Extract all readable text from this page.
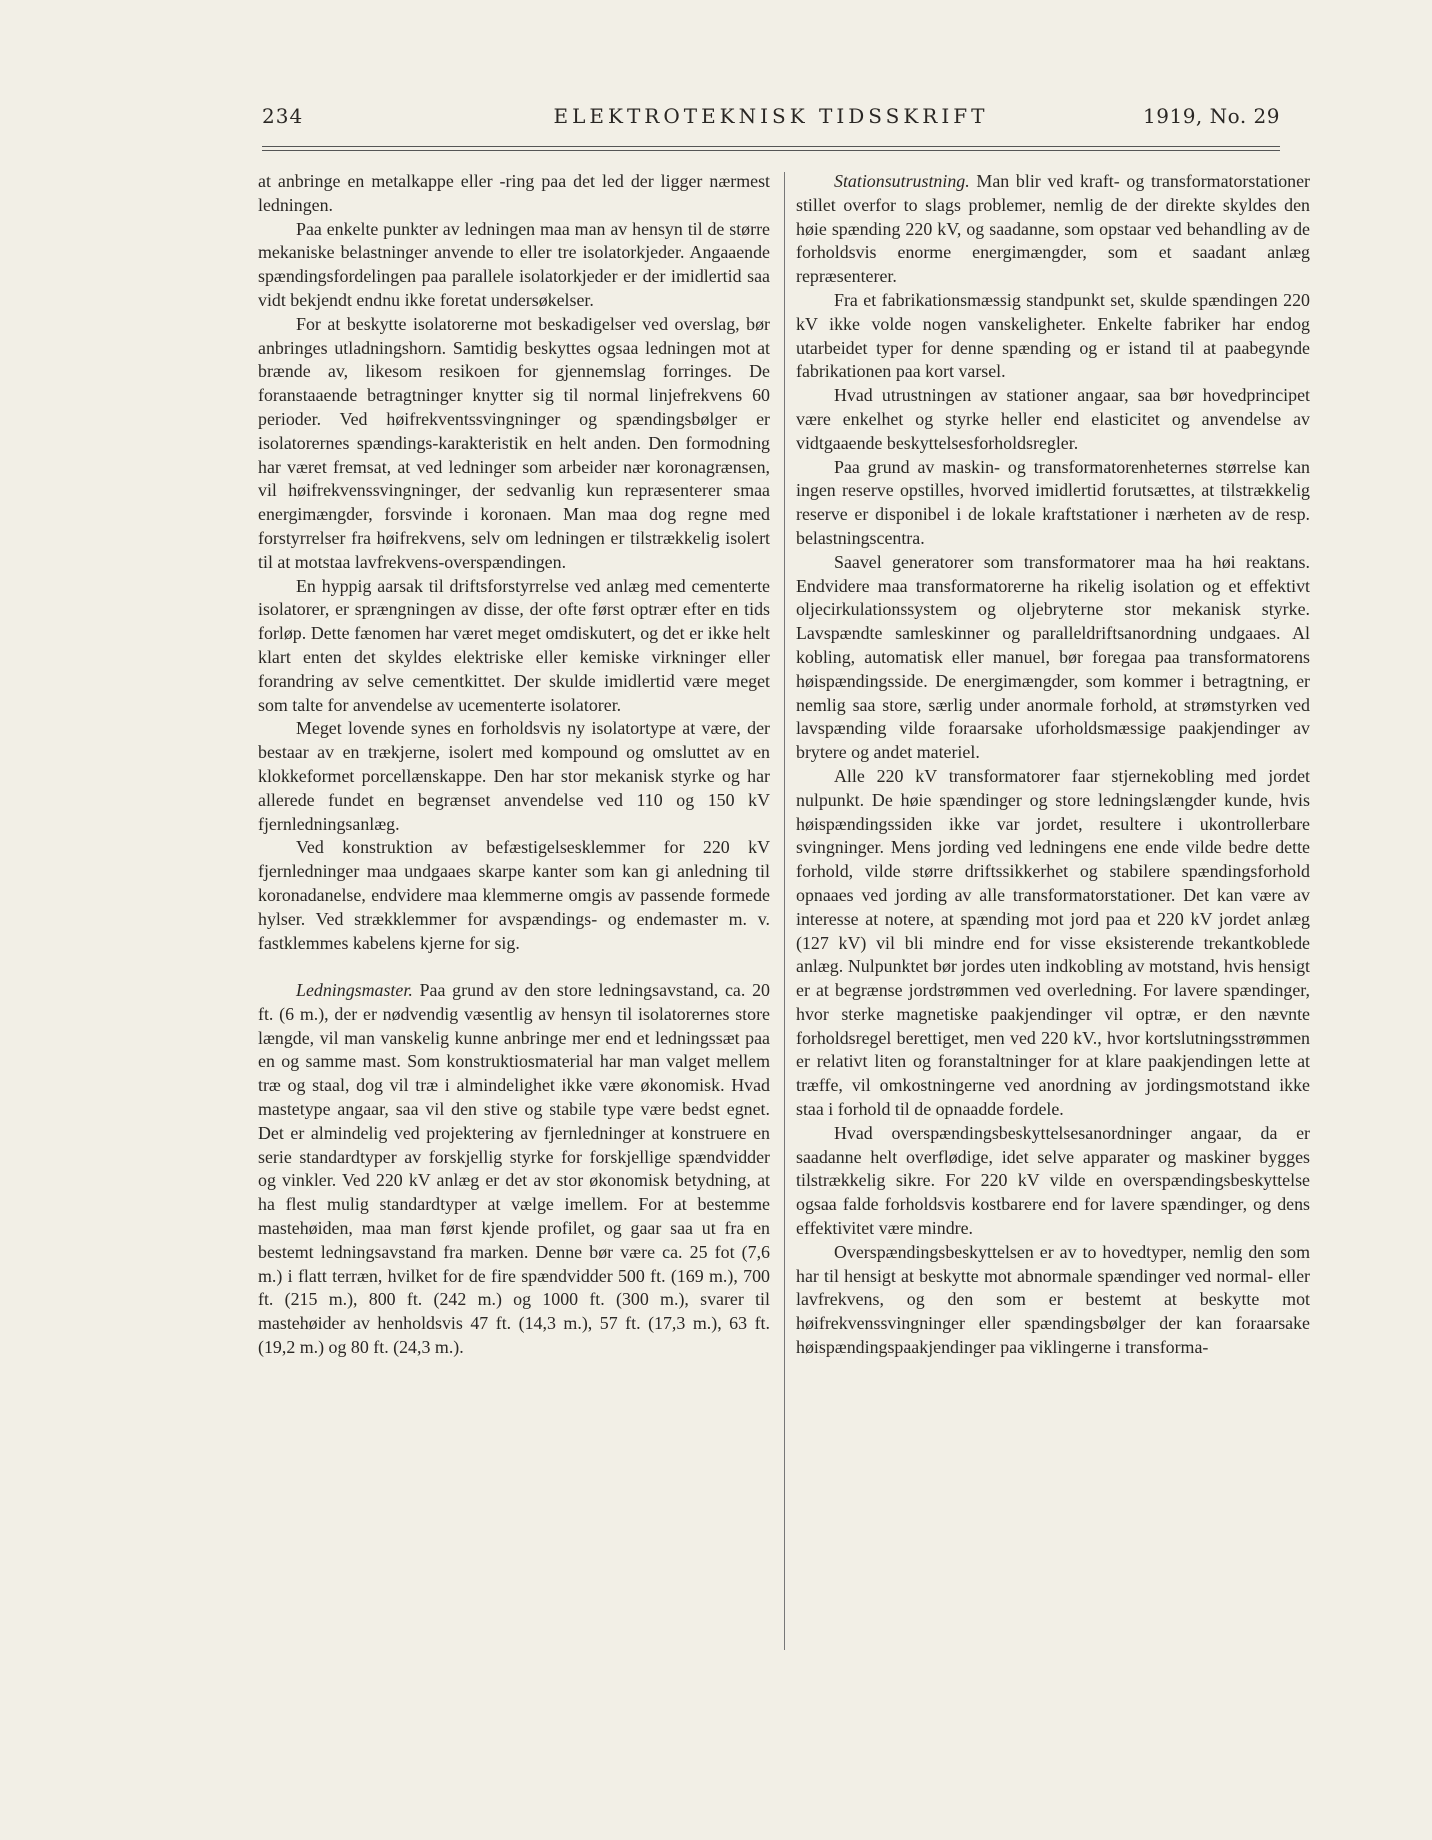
234	ELEKTROTEKNISK TIDSSKRIFT	1919, No. 29

at anbringe en metalkappe eller -ring paa det led der ligger nærmest ledningen.

Paa enkelte punkter av ledningen maa man av hensyn til de større mekaniske belastninger anvende to eller tre isolatorkjeder. Angaaende spændingsfordelingen paa parallele isolatorkjeder er der imidlertid saa vidt bekjendt endnu ikke foretat undersøkelser.

For at beskytte isolatorerne mot beskadigelser ved overslag, bør anbringes utladningshorn. Samtidig beskyttes ogsaa ledningen mot at brænde av, likesom resikoen for gjennemslag forringes. De foranstaaende betragtninger knytter sig til normal linjefrekvens 60 perioder. Ved høifrekventssvingninger og spændingsbølger er isolatorernes spændings-karakteristik en helt anden. Den formodning har været fremsat, at ved ledninger som arbeider nær koronagrænsen, vil høifrekvenssvingninger, der sedvanlig kun repræsenterer smaa energimængder, forsvinde i koronaen. Man maa dog regne med forstyrrelser fra høifrekvens, selv om ledningen er tilstrækkelig isolert til at motstaa lavfrekvens-overspændingen.

En hyppig aarsak til driftsforstyrrelse ved anlæg med cementerte isolatorer, er sprængningen av disse, der ofte først optrær efter en tids forløp. Dette fænomen har været meget omdiskutert, og det er ikke helt klart enten det skyldes elektriske eller kemiske virkninger eller forandring av selve cementkittet. Der skulde imidlertid være meget som talte for anvendelse av ucementerte isolatorer.

Meget lovende synes en forholdsvis ny isolatortype at være, der bestaar av en trækjerne, isolert med kompound og omsluttet av en klokkeformet porcellænskappe. Den har stor mekanisk styrke og har allerede fundet en begrænset anvendelse ved 110 og 150 kV fjernledningsanlæg.

Ved konstruktion av befæstigelsesklemmer for 220 kV fjernledninger maa undgaaes skarpe kanter som kan gi anledning til koronadanelse, endvidere maa klemmerne omgis av passende formede hylser. Ved strækklemmer for avspændings- og endemaster m. v. fastklemmes kabelens kjerne for sig.

Ledningsmaster. Paa grund av den store ledningsavstand, ca. 20 ft. (6 m.), der er nødvendig væsentlig av hensyn til isolatorernes store længde, vil man vanskelig kunne anbringe mer end et ledningssæt paa en og samme mast. Som konstruktiosmaterial har man valget mellem træ og staal, dog vil træ i almindelighet ikke være økonomisk. Hvad mastetype angaar, saa vil den stive og stabile type være bedst egnet. Det er almindelig ved projektering av fjernledninger at konstruere en serie standardtyper av forskjellig styrke for forskjellige spændvidder og vinkler. Ved 220 kV anlæg er det av stor økonomisk betydning, at ha flest mulig standardtyper at vælge imellem. For at bestemme mastehøiden, maa man først kjende profilet, og gaar saa ut fra en bestemt ledningsavstand fra marken. Denne bør være ca. 25 fot (7,6 m.) i flatt terræn, hvilket for de fire spændvidder 500 ft. (169 m.), 700 ft. (215 m.), 800 ft. (242 m.) og 1000 ft. (300 m.), svarer til mastehøider av henholdsvis 47 ft. (14,3 m.), 57 ft. (17,3 m.), 63 ft. (19,2 m.) og 80 ft. (24,3 m.).

Stationsutrustning. Man blir ved kraft- og transformatorstationer stillet overfor to slags problemer, nemlig de der direkte skyldes den høie spænding 220 kV, og saadanne, som opstaar ved behandling av de forholdsvis enorme energimængder, som et saadant anlæg repræsenterer.

Fra et fabrikationsmæssig standpunkt set, skulde spændingen 220 kV ikke volde nogen vanskeligheter. Enkelte fabriker har endog utarbeidet typer for denne spænding og er istand til at paabegynde fabrikationen paa kort varsel.

Hvad utrustningen av stationer angaar, saa bør hovedprincipet være enkelhet og styrke heller end elasticitet og anvendelse av vidtgaaende beskyttelsesforholdsregler.

Paa grund av maskin- og transformatorenheternes størrelse kan ingen reserve opstilles, hvorved imidlertid forutsættes, at tilstrækkelig reserve er disponibel i de lokale kraftstationer i nærheten av de resp. belastningscentra.

Saavel generatorer som transformatorer maa ha høi reaktans. Endvidere maa transformatorerne ha rikelig isolation og et effektivt oljecirkulationssystem og oljebryterne stor mekanisk styrke. Lavspændte samleskinner og paralleldriftsanordning undgaaes. Al kobling, automatisk eller manuel, bør foregaa paa transformatorens høispændingsside. De energimængder, som kommer i betragtning, er nemlig saa store, særlig under anormale forhold, at strømstyrken ved lavspænding vilde foraarsake uforholdsmæssige paakjendinger av brytere og andet materiel.

Alle 220 kV transformatorer faar stjernekobling med jordet nulpunkt. De høie spændinger og store ledningslængder kunde, hvis høispændingssiden ikke var jordet, resultere i ukontrollerbare svingninger. Mens jording ved ledningens ene ende vilde bedre dette forhold, vilde større driftssikkerhet og stabilere spændingsforhold opnaaes ved jording av alle transformatorstationer. Det kan være av interesse at notere, at spænding mot jord paa et 220 kV jordet anlæg (127 kV) vil bli mindre end for visse eksisterende trekantkoblede anlæg. Nulpunktet bør jordes uten indkobling av motstand, hvis hensigt er at begrænse jordstrømmen ved overledning. For lavere spændinger, hvor sterke magnetiske paakjendinger vil optræ, er den nævnte forholdsregel berettiget, men ved 220 kV., hvor kortslutningsstrømmen er relativt liten og foranstaltninger for at klare paakjendingen lette at træffe, vil omkostningerne ved anordning av jordingsmotstand ikke staa i forhold til de opnaadde fordele.

Hvad overspændingsbeskyttelsesanordninger angaar, da er saadanne helt overflødige, idet selve apparater og maskiner bygges tilstrækkelig sikre. For 220 kV vilde en overspændingsbeskyttelse ogsaa falde forholdsvis kostbarere end for lavere spændinger, og dens effektivitet være mindre.

Overspændingsbeskyttelsen er av to hovedtyper, nemlig den som har til hensigt at beskytte mot abnormale spændinger ved normal- eller lavfrekvens, og den som er bestemt at beskytte mot høifrekvenssvingninger eller spændingsbølger der kan foraarsake høispændingspaakjendinger paa viklingerne i transforma-
